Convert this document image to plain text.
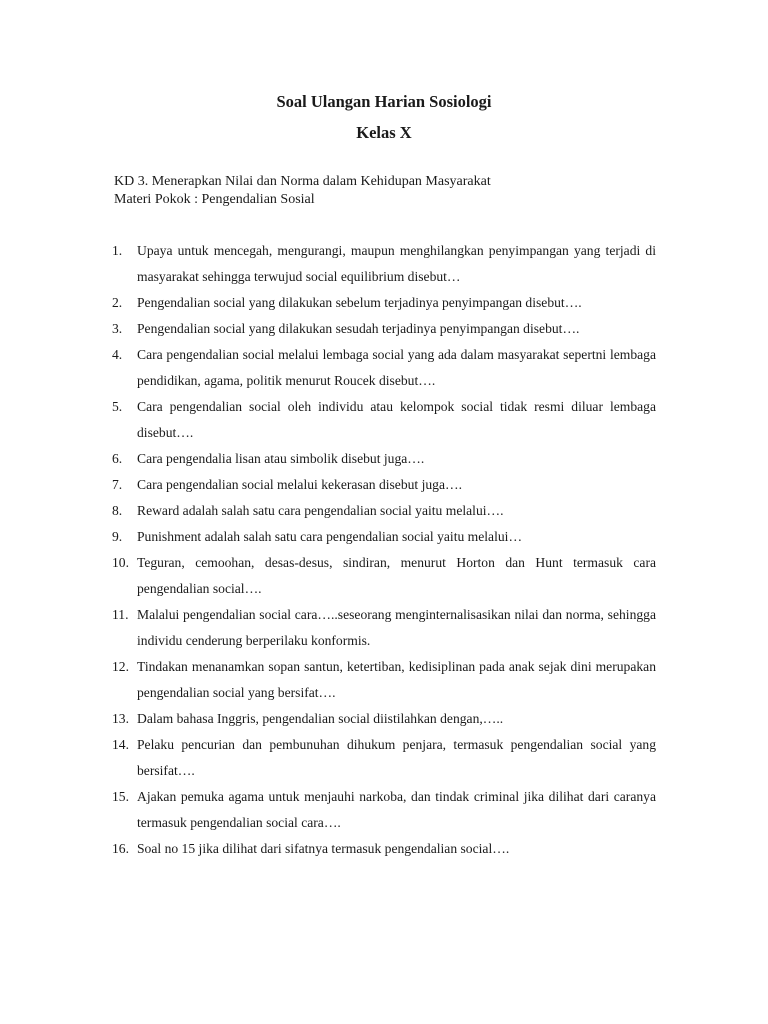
Soal Ulangan Harian Sosiologi
Kelas X
KD 3. Menerapkan Nilai dan Norma dalam Kehidupan Masyarakat
Materi Pokok : Pengendalian Sosial
1.	Upaya untuk mencegah, mengurangi, maupun menghilangkan penyimpangan yang terjadi di masyarakat sehingga terwujud social equilibrium disebut…
2.	Pengendalian social yang dilakukan sebelum terjadinya penyimpangan disebut….
3.	Pengendalian social yang dilakukan sesudah terjadinya penyimpangan disebut….
4.	Cara pengendalian social melalui lembaga social yang ada dalam masyarakat sepertni lembaga pendidikan, agama, politik menurut Roucek disebut….
5.	Cara pengendalian social oleh individu atau kelompok social tidak resmi diluar lembaga disebut….
6.	Cara pengendalia lisan atau simbolik disebut juga….
7.	Cara pengendalian social melalui kekerasan disebut juga….
8.	Reward adalah salah satu cara pengendalian social yaitu melalui….
9.	Punishment adalah salah satu cara pengendalian social yaitu melalui…
10. Teguran, cemoohan, desas-desus, sindiran, menurut Horton dan Hunt termasuk cara pengendalian social….
11. Malalui pengendalian social cara…..seseorang menginternalisasikan nilai dan norma, sehingga individu cenderung berperilaku konformis.
12. Tindakan menanamkan sopan santun, ketertiban, kedisiplinan pada anak sejak dini merupakan pengendalian social yang bersifat….
13. Dalam bahasa Inggris, pengendalian social diistilahkan dengan,…..
14. Pelaku pencurian dan pembunuhan dihukum penjara, termasuk pengendalian social yang bersifat….
15. Ajakan pemuka agama untuk menjauhi narkoba, dan tindak criminal jika dilihat dari caranya termasuk pengendalian social cara….
16. Soal no 15 jika dilihat dari sifatnya termasuk pengendalian social….
